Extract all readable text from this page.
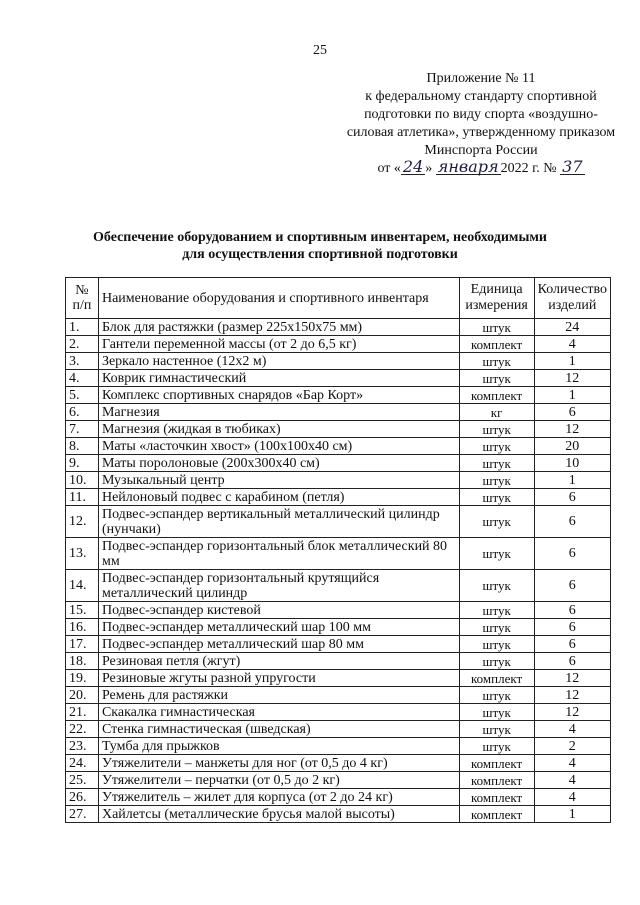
25
Приложение № 11
к федеральному стандарту спортивной
подготовки по виду спорта «воздушно-
силовая атлетика», утвержденному приказом
Минспорта России
от « 24 » января 2022 г. № 37
Обеспечение оборудованием и спортивным инвентарем, необходимыми
для осуществления спортивной подготовки
№ п/п	Наименование оборудования и спортивного инвентаря	Единица измерения	Количество изделий
1.	Блок для растяжки (размер 225х150х75 мм)	штук	24
2.	Гантели переменной массы (от 2 до 6,5 кг)	комплект	4
3.	Зеркало настенное (12х2 м)	штук	1
4.	Коврик гимнастический	штук	12
5.	Комплекс спортивных снарядов «Бар Корт»	комплект	1
6.	Магнезия	кг	6
7.	Магнезия (жидкая в тюбиках)	штук	12
8.	Маты «ласточкин хвост» (100х100х40 см)	штук	20
9.	Маты поролоновые (200х300х40 см)	штук	10
10.	Музыкальный центр	штук	1
11.	Нейлоновый подвес с карабином (петля)	штук	6
12.	Подвес-эспандер вертикальный металлический цилиндр (нунчаки)	штук	6
13.	Подвес-эспандер горизонтальный блок металлический 80 мм	штук	6
14.	Подвес-эспандер горизонтальный крутящийся металлический цилиндр	штук	6
15.	Подвес-эспандер кистевой	штук	6
16.	Подвес-эспандер металлический шар 100 мм	штук	6
17.	Подвес-эспандер металлический шар 80 мм	штук	6
18.	Резиновая петля (жгут)	штук	6
19.	Резиновые жгуты разной упругости	комплект	12
20.	Ремень для растяжки	штук	12
21.	Скакалка гимнастическая	штук	12
22.	Стенка гимнастическая (шведская)	штук	4
23.	Тумба для прыжков	штук	2
24.	Утяжелители – манжеты для ног (от 0,5 до 4 кг)	комплект	4
25.	Утяжелители – перчатки (от 0,5 до 2 кг)	комплект	4
26.	Утяжелитель – жилет для корпуса (от 2 до 24 кг)	комплект	4
27.	Хайлетсы (металлические брусья малой высоты)	комплект	1
